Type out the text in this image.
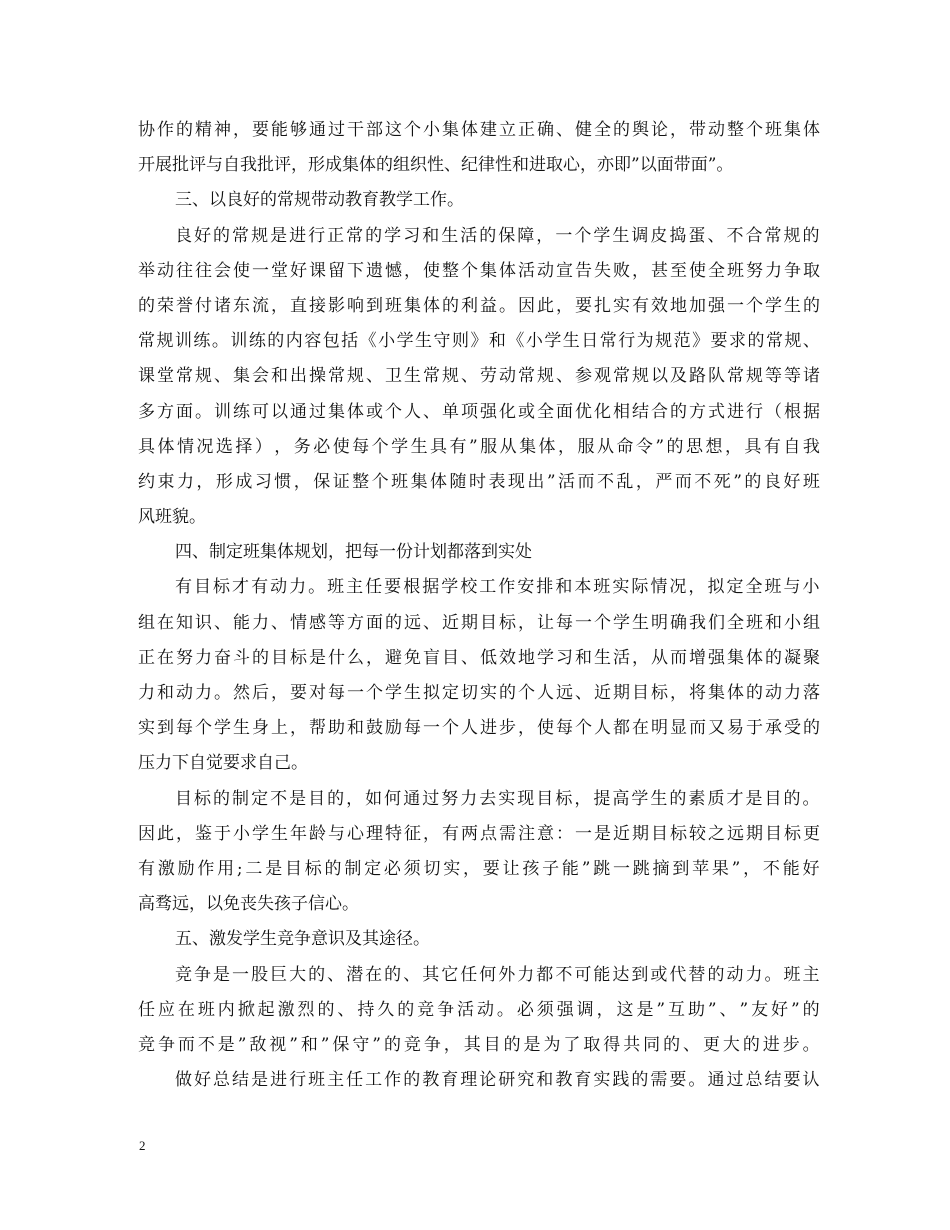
协 作 的 精 神 ， 要 能 够 通 过 干 部 这 个 小 集 体 建 立 正 确 、 健 全 的 舆 论 ， 带 动 整 个 班 集 体
开展批评与自我批评，形成集体的组织性、纪律性和进取心，亦即”以面带面”。
三、以良好的常规带动教育教学工作。
良 好 的 常 规 是 进 行 正 常 的 学 习 和 生 活 的 保 障 ， 一 个 学 生 调 皮 捣 蛋 、 不 合 常 规 的
举 动 往 往 会 使 一 堂 好 课 留 下 遗 憾 ， 使 整 个 集 体 活 动 宣 告 失 败 ， 甚 至 使 全 班 努 力 争 取
的 荣 誉 付 诸 东 流 ， 直 接 影 响 到 班 集 体 的 利 益 。 因 此 ， 要 扎 实 有 效 地 加 强 一 个 学 生 的
常 规 训 练 。 训 练 的 内 容 包 括 《 小 学 生 守 则 》 和 《 小 学 生 日 常 行 为 规 范 》 要 求 的 常 规 、
课 堂 常 规 、 集 会 和 出 操 常 规 、 卫 生 常 规 、 劳 动 常 规 、 参 观 常 规 以 及 路 队 常 规 等 等 诸
多 方 面 。 训 练 可 以 通 过 集 体 或 个 人 、 单 项 强 化 或 全 面 优 化 相 结 合 的 方 式 进 行 （ 根 据
具 体 情 况 选 择 ） ， 务 必 使 每 个 学 生 具 有 ” 服 从 集 体 ， 服 从 命 令 ” 的 思 想 ， 具 有 自 我
约 束 力 ， 形 成 习 惯 ， 保 证 整 个 班 集 体 随 时 表 现 出 ” 活 而 不 乱 ， 严 而 不 死 ” 的 良 好 班
风班貌。
四、制定班集体规划，把每一份计划都落到实处
有 目 标 才 有 动 力 。 班 主 任 要 根 据 学 校 工 作 安 排 和 本 班 实 际 情 况 ， 拟 定 全 班 与 小
组 在 知 识 、 能 力 、 情 感 等 方 面 的 远 、 近 期 目 标 ， 让 每 一 个 学 生 明 确 我 们 全 班 和 小 组
正 在 努 力 奋 斗 的 目 标 是 什 么 ， 避 免 盲 目 、 低 效 地 学 习 和 生 活 ， 从 而 增 强 集 体 的 凝 聚
力 和 动 力 。 然 后 ， 要 对 每 一 个 学 生 拟 定 切 实 的 个 人 远 、 近 期 目 标 ， 将 集 体 的 动 力 落
实 到 每 个 学 生 身 上 ， 帮 助 和 鼓 励 每 一 个 人 进 步 ， 使 每 个 人 都 在 明 显 而 又 易 于 承 受 的
压力下自觉要求自己。
目 标 的 制 定 不 是 目 的 ， 如 何 通 过 努 力 去 实 现 目 标 ， 提 高 学 生 的 素 质 才 是 目 的 。
因 此 ， 鉴 于 小 学 生 年 龄 与 心 理 特 征 ， 有 两 点 需 注 意 ： 一 是 近 期 目 标 较 之 远 期 目 标 更
有 激 励 作 用 ; 二 是 目 标 的 制 定 必 须 切 实 ， 要 让 孩 子 能 ” 跳 一 跳 摘 到 苹 果 ” ， 不 能 好
高骛远，以免丧失孩子信心。
五、激发学生竞争意识及其途径。
竞 争 是 一 股 巨 大 的 、 潜 在 的 、 其 它 任 何 外 力 都 不 可 能 达 到 或 代 替 的 动 力 。 班 主
任 应 在 班 内 掀 起 激 烈 的 、 持 久 的 竞 争 活 动 。 必 须 强 调 ， 这 是 ” 互 助 ” 、 ” 友 好 ” 的
竞 争 而 不 是 ” 敌 视 ” 和 ” 保 守 ” 的 竞 争 ， 其 目 的 是 为 了 取 得 共 同 的 、 更 大 的 进 步 。
做 好 总 结 是 进 行 班 主 任 工 作 的 教 育 理 论 研 究 和 教 育 实 践 的 需 要 。 通 过 总 结 要 认
2
